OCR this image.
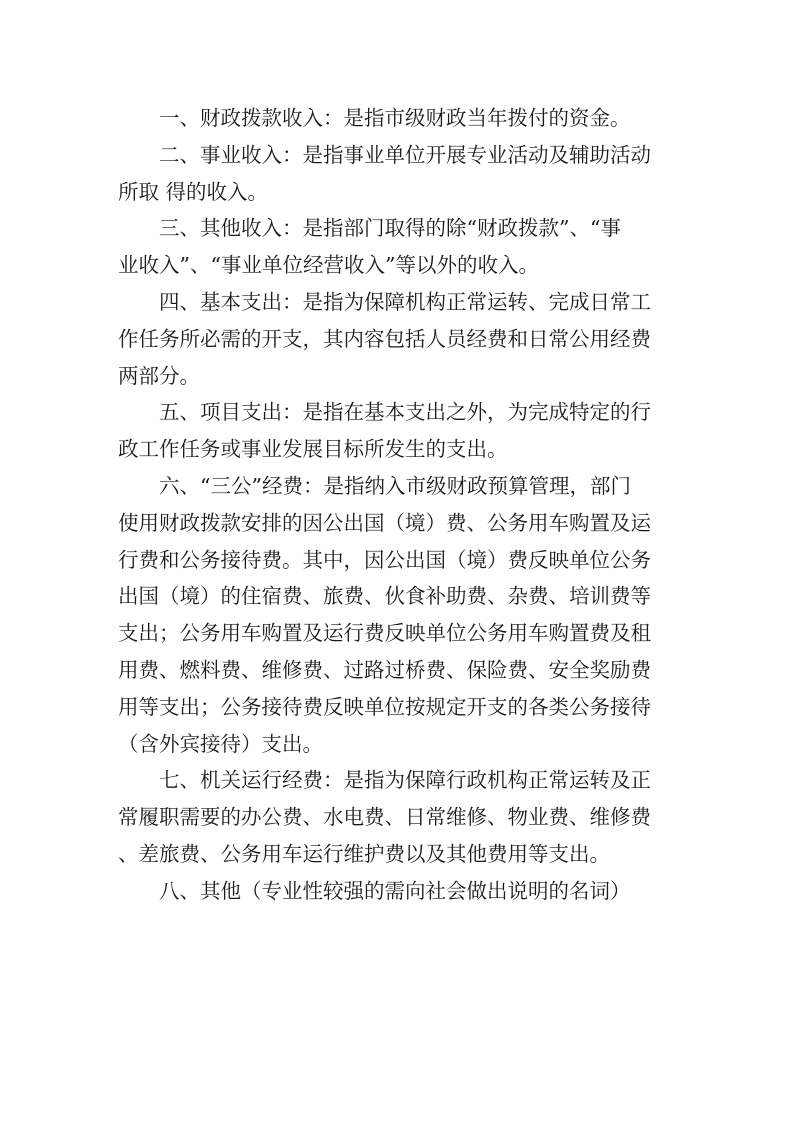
一、财政拨款收入：是指市级财政当年拨付的资金。

二、事业收入：是指事业单位开展专业活动及辅助活动
所取 得的收入。

三、其他收入：是指部门取得的除“财政拨款”、“事
业收入”、“事业单位经营收入”等以外的收入。

四、基本支出：是指为保障机构正常运转、完成日常工
作任务所必需的开支，其内容包括人员经费和日常公用经费
两部分。

五、项目支出：是指在基本支出之外，为完成特定的行
政工作任务或事业发展目标所发生的支出。

六、“三公”经费：是指纳入市级财政预算管理，部门
使用财政拨款安排的因公出国（境）费、公务用车购置及运
行费和公务接待费。其中，因公出国（境）费反映单位公务
出国（境）的住宿费、旅费、伙食补助费、杂费、培训费等
支出；公务用车购置及运行费反映单位公务用车购置费及租
用费、燃料费、维修费、过路过桥费、保险费、安全奖励费
用等支出；公务接待费反映单位按规定开支的各类公务接待
（含外宾接待）支出。

七、机关运行经费：是指为保障行政机构正常运转及正
常履职需要的办公费、水电费、日常维修、物业费、维修费
、差旅费、公务用车运行维护费以及其他费用等支出。

八、其他（专业性较强的需向社会做出说明的名词）
